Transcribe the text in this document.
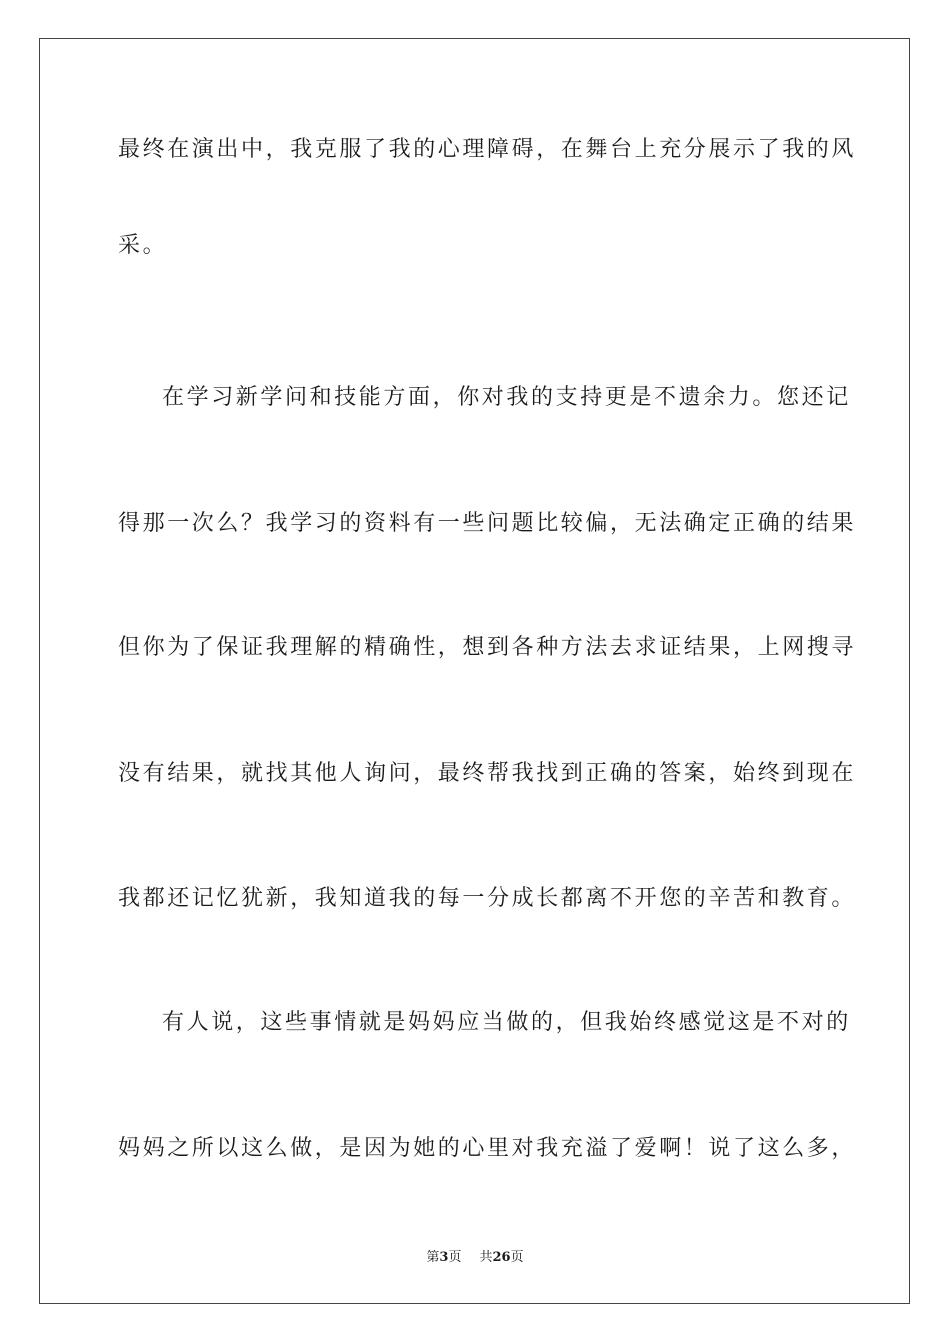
最终在演出中，我克服了我的心理障碍，在舞台上充分展示了我的风

采。

在学习新学问和技能方面，你对我的支持更是不遗余力。您还记

得那一次么？我学习的资料有一些问题比较偏，无法确定正确的结果

但你为了保证我理解的精确性，想到各种方法去求证结果，上网搜寻

没有结果，就找其他人询问，最终帮我找到正确的答案，始终到现在

我都还记忆犹新，我知道我的每一分成长都离不开您的辛苦和教育。

有人说，这些事情就是妈妈应当做的，但我始终感觉这是不对的

妈妈之所以这么做，是因为她的心里对我充溢了爱啊！说了这么多，

第3页 共26页
